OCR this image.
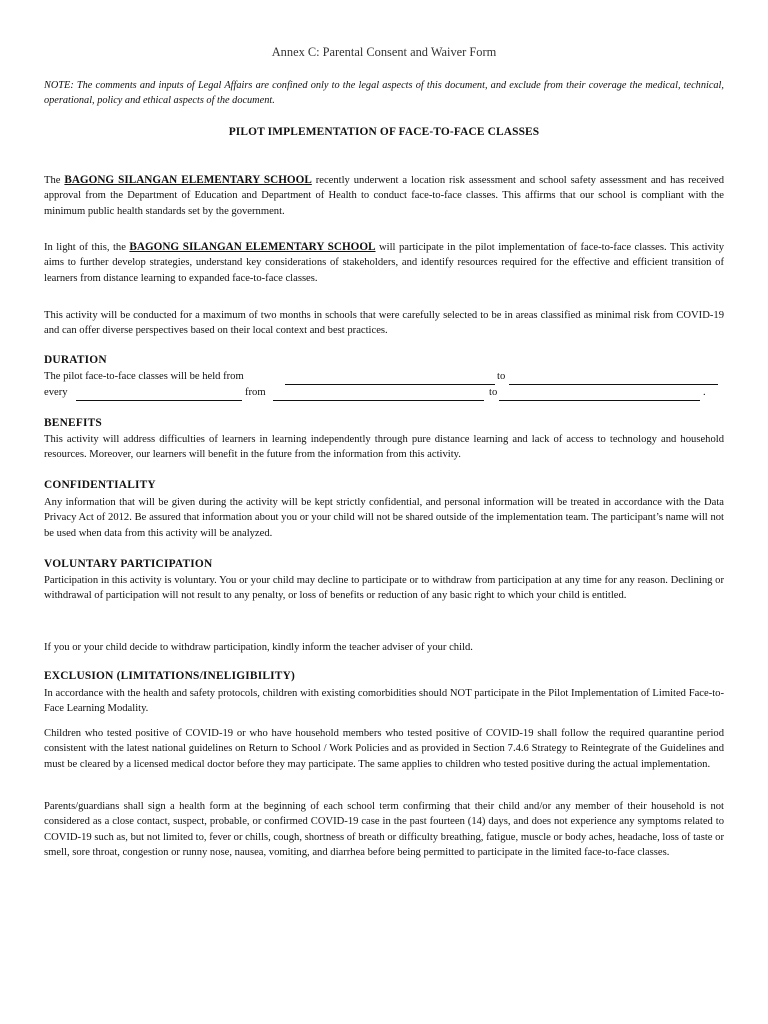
Annex C: Parental Consent and Waiver Form

NOTE: The comments and inputs of Legal Affairs are confined only to the legal aspects of this document, and exclude from their coverage the medical, technical, operational, policy and ethical aspects of the document.

PILOT IMPLEMENTATION OF FACE-TO-FACE CLASSES

The BAGONG SILANGAN ELEMENTARY SCHOOL recently underwent a location risk assessment and school safety assessment and has received approval from the Department of Education and Department of Health to conduct face-to-face classes. This affirms that our school is compliant with the minimum public health standards set by the government.

In light of this, the BAGONG SILANGAN ELEMENTARY SCHOOL will participate in the pilot implementation of face-to-face classes. This activity aims to further develop strategies, understand key considerations of stakeholders, and identify resources required for the effective and efficient transition of learners from distance learning to expanded face-to-face classes.

This activity will be conducted for a maximum of two months in schools that were carefully selected to be in areas classified as minimal risk from COVID-19 and can offer diverse perspectives based on their local context and best practices.

DURATION

The pilot face-to-face classes will be held from	to
every	from	to	.

BENEFITS

This activity will address difficulties of learners in learning independently through pure distance learning and lack of access to technology and household resources. Moreover, our learners will benefit in the future from the information from this activity.

CONFIDENTIALITY

Any information that will be given during the activity will be kept strictly confidential, and personal information will be treated in accordance with the Data Privacy Act of 2012. Be assured that information about you or your child will not be shared outside of the implementation team. The participant’s name will not be used when data from this activity will be analyzed.

VOLUNTARY PARTICIPATION

Participation in this activity is voluntary. You or your child may decline to participate or to withdraw from participation at any time for any reason. Declining or withdrawal of participation will not result to any penalty, or loss of benefits or reduction of any basic right to which your child is entitled.

If you or your child decide to withdraw participation, kindly inform the teacher adviser of your child.

EXCLUSION (LIMITATIONS/INELIGIBILITY)

In accordance with the health and safety protocols, children with existing comorbidities should NOT participate in the Pilot Implementation of Limited Face-to-Face Learning Modality.

Children who tested positive of COVID-19 or who have household members who tested positive of COVID-19 shall follow the required quarantine period consistent with the latest national guidelines on Return to School / Work Policies and as provided in Section 7.4.6 Strategy to Reintegrate of the Guidelines and must be cleared by a licensed medical doctor before they may participate. The same applies to children who tested positive during the actual implementation.

Parents/guardians shall sign a health form at the beginning of each school term confirming that their child and/or any member of their household is not considered as a close contact, suspect, probable, or confirmed COVID-19 case in the past fourteen (14) days, and does not experience any symptoms related to COVID-19 such as, but not limited to, fever or chills, cough, shortness of breath or difficulty breathing, fatigue, muscle or body aches, headache, loss of taste or smell, sore throat, congestion or runny nose, nausea, vomiting, and diarrhea before being permitted to participate in the limited face-to-face classes.
